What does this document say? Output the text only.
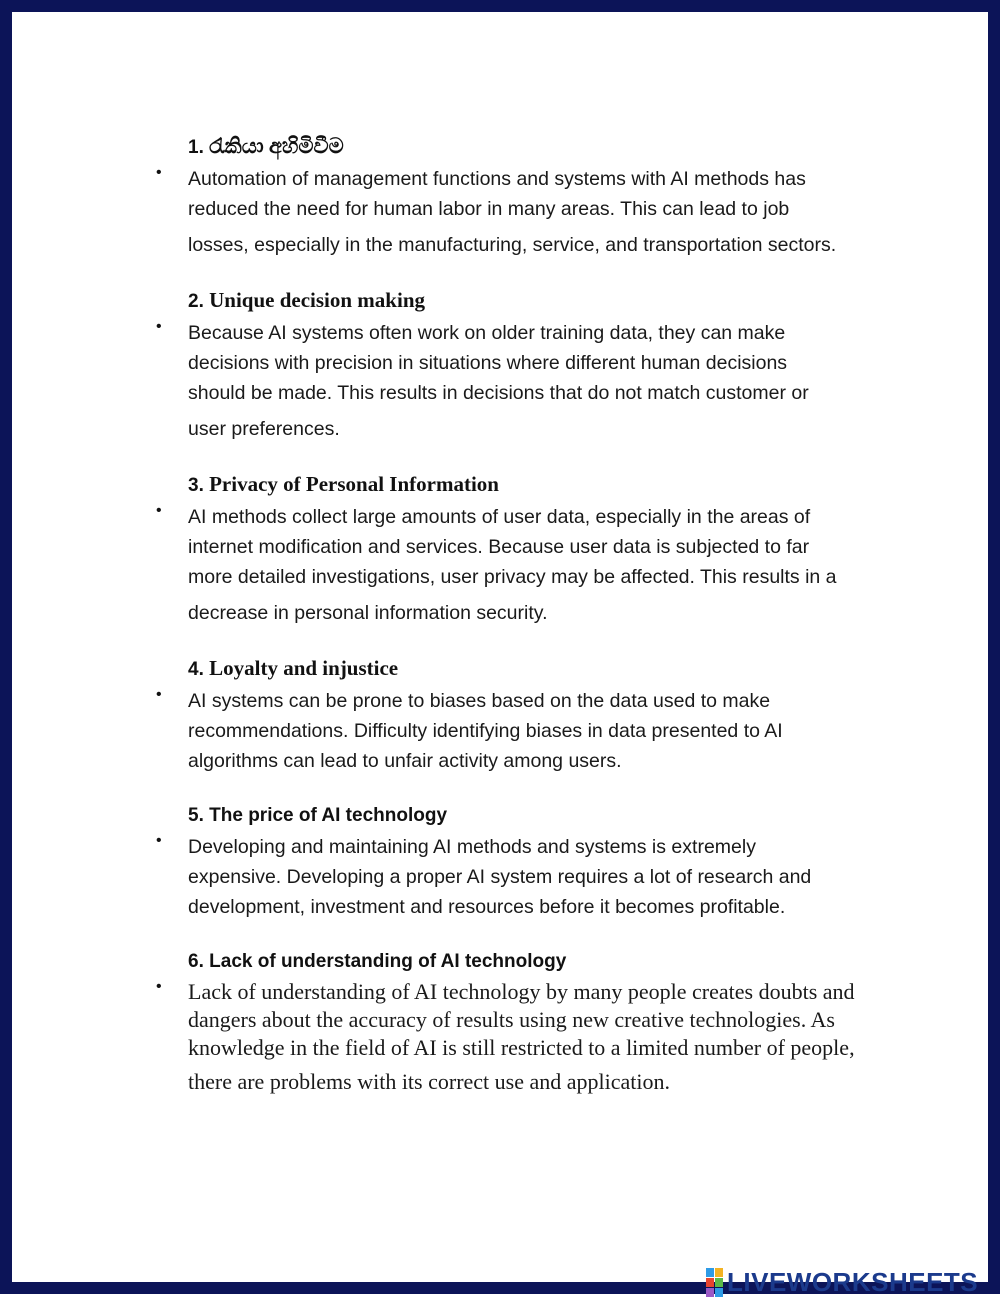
1. රැකියා අහිමිවීම
• Automation of management functions and systems with AI methods has
reduced the need for human labor in many areas. This can lead to job
losses, especially in the manufacturing, service, and transportation sectors.
2. Unique decision making
• Because AI systems often work on older training data, they can make
decisions with precision in situations where different human decisions
should be made. This results in decisions that do not match customer or
user preferences.
3. Privacy of Personal Information
• AI methods collect large amounts of user data, especially in the areas of
internet modification and services. Because user data is subjected to far
more detailed investigations, user privacy may be affected. This results in a
decrease in personal information security.
4. Loyalty and injustice
• AI systems can be prone to biases based on the data used to make
recommendations. Difficulty identifying biases in data presented to AI
algorithms can lead to unfair activity among users.
5. The price of AI technology
• Developing and maintaining AI methods and systems is extremely
expensive. Developing a proper AI system requires a lot of research and
development, investment and resources before it becomes profitable.
6. Lack of understanding of AI technology
• Lack of understanding of AI technology by many people creates doubts and
dangers about the accuracy of results using new creative technologies. As
knowledge in the field of AI is still restricted to a limited number of people,

there are problems with its correct use and application.
LIVEWORKSHEETS
